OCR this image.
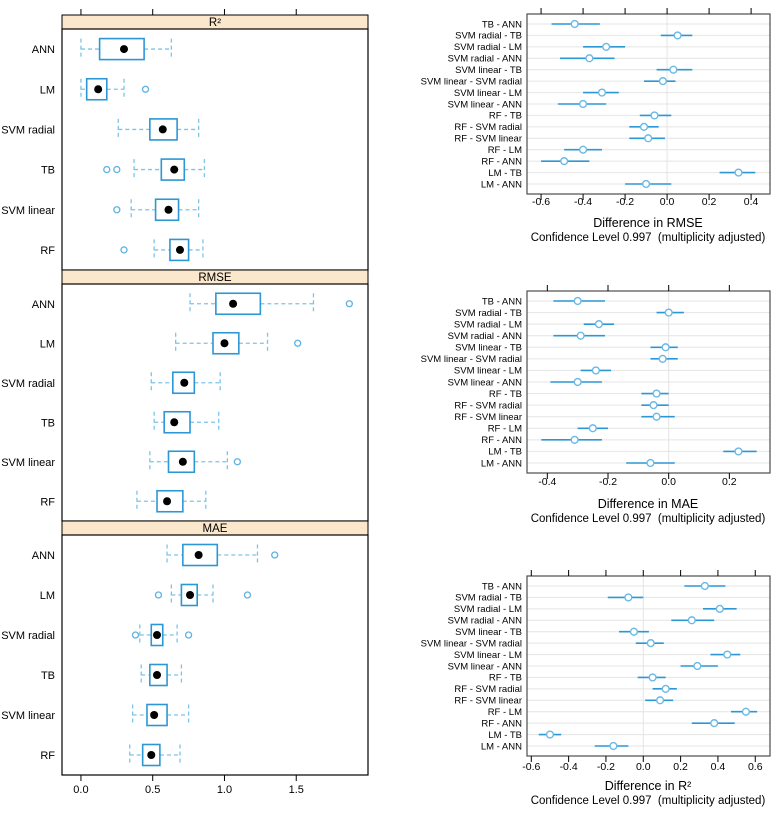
0.0	0.5	1.0	1.5
R²
ANN
LM
SVM radial
TB
SVM linear
RF
RMSE
ANN
LM
SVM radial
TB
SVM linear
RF
MAE
ANN
LM
SVM radial
TB
SVM linear
RF
-0.6 -0.4 -0.2 0.0	0.2	0.4
TB - ANN
SVM radial - TB
SVM radial - LM
SVM radial - ANN
SVM linear - TB
SVM linear - SVM radial
SVM linear - LM
SVM linear - ANN
RF - TB
RF - SVM radial
RF - SVM linear
RF - LM
RF - ANN
LM - TB
LM - ANN
-0.4	-0.2	0.0	0.2
TB - ANN
SVM radial - TB
SVM radial - LM
SVM radial - ANN
SVM linear - TB
SVM linear - SVM radial
SVM linear - LM
SVM linear - ANN
RF - TB
RF - SVM radial
RF - SVM linear
RF - LM
RF - ANN
LM - TB
LM - ANN
-0.6 -0.4 -0.2 0.0 0.2 0.4 0.6
TB - ANN
SVM radial - TB
SVM radial - LM
SVM radial - ANN
SVM linear - TB
SVM linear - SVM radial
SVM linear - LM
SVM linear - ANN
RF - TB
RF - SVM radial
RF - SVM linear
RF - LM
RF - ANN
LM - TB
LM - ANN
Difference in RMSE
Confidence Level 0.997  (multiplicity adjusted)
Difference in MAE
Confidence Level 0.997  (multiplicity adjusted)
Difference in R²
Confidence Level 0.997  (multiplicity adjusted)
